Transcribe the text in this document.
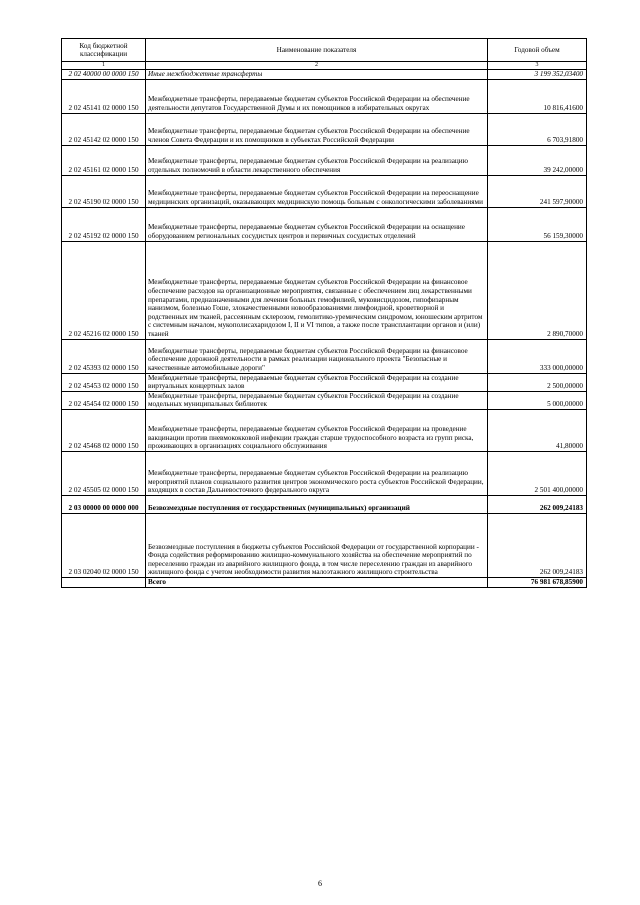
Код бюджетной классификации	Наименование показателя	Годовой объем
1	2	3
2 02 40000 00 0000 150	Иные межбюджетные трансферты	3 199 352,03400
2 02 45141 02 0000 150	Межбюджетные трансферты, передаваемые бюджетам субъектов Российской Федерации на обеспечение деятельности депутатов Государственной Думы и их помощников в избирательных округах	10 816,41600
2 02 45142 02 0000 150	Межбюджетные трансферты, передаваемые бюджетам субъектов Российской Федерации на обеспечение членов Совета Федерации и их помощников в субъектах Российской Федерации	6 703,91800
2 02 45161 02 0000 150	Межбюджетные трансферты, передаваемые бюджетам субъектов Российской Федерации на реализацию отдельных полномочий в области лекарственного обеспечения	39 242,00000
2 02 45190 02 0000 150	Межбюджетные трансферты, передаваемые бюджетам субъектов Российской Федерации на переоснащение медицинских организаций, оказывающих медицинскую помощь больным с онкологическими заболеваниями	241 597,90000
2 02 45192 02 0000 150	Межбюджетные трансферты, передаваемые бюджетам субъектов Российской Федерации на оснащение оборудованием региональных сосудистых центров и первичных сосудистых отделений	56 159,30000
2 02 45216 02 0000 150	Межбюджетные трансферты, передаваемые бюджетам субъектов Российской Федерации на финансовое обеспечение расходов на организационные мероприятия, связанные с обеспечением лиц лекарственными препаратами, предназначенными для лечения больных гемофилией, муковисцидозом, гипофизарным нанизмом, болезнью Гоше, злокачественными новообразованиями лимфоидной, кроветворной и родственных им тканей, рассеянным склерозом, гемолитико-уремическим синдромом, юношеским артритом с системным началом, мукополисахаридозом I, II и VI типов, а также после трансплантации органов и (или) тканей	2 890,70000
2 02 45393 02 0000 150	Межбюджетные трансферты, передаваемые бюджетам субъектов Российской Федерации на финансовое обеспечение дорожной деятельности в рамках реализации национального проекта "Безопасные и качественные автомобильные дороги"	333 000,00000
2 02 45453 02 0000 150	Межбюджетные трансферты, передаваемые бюджетам субъектов Российской Федерации на создание виртуальных концертных залов	2 500,00000
2 02 45454 02 0000 150	Межбюджетные трансферты, передаваемые бюджетам субъектов Российской Федерации на создание модельных муниципальных библиотек	5 000,00000
2 02 45468 02 0000 150	Межбюджетные трансферты, передаваемые бюджетам субъектов Российской Федерации на проведение вакцинации против пневмококковой инфекции граждан старше трудоспособного возраста из групп риска, проживающих в организациях социального обслуживания	41,80000
2 02 45505 02 0000 150	Межбюджетные трансферты, передаваемые бюджетам субъектов Российской Федерации на реализацию мероприятий планов социального развития центров экономического роста субъектов Российской Федерации, входящих в состав Дальневосточного федерального округа	2 501 400,00000
2 03 00000 00 0000 000	Безвозмездные поступления от государственных (муниципальных) организаций	262 009,24183
2 03 02040 02 0000 150	Безвозмездные поступления в бюджеты субъектов Российской Федерации от государственной корпорации - Фонда содействия реформированию жилищно-коммунального хозяйства на обеспечение мероприятий по переселению граждан из аварийного жилищного фонда, в том числе переселению граждан из аварийного жилищного фонда с учетом необходимости развития малоэтажного жилищного строительства	262 009,24183
	Всего	76 981 678,85900
6
